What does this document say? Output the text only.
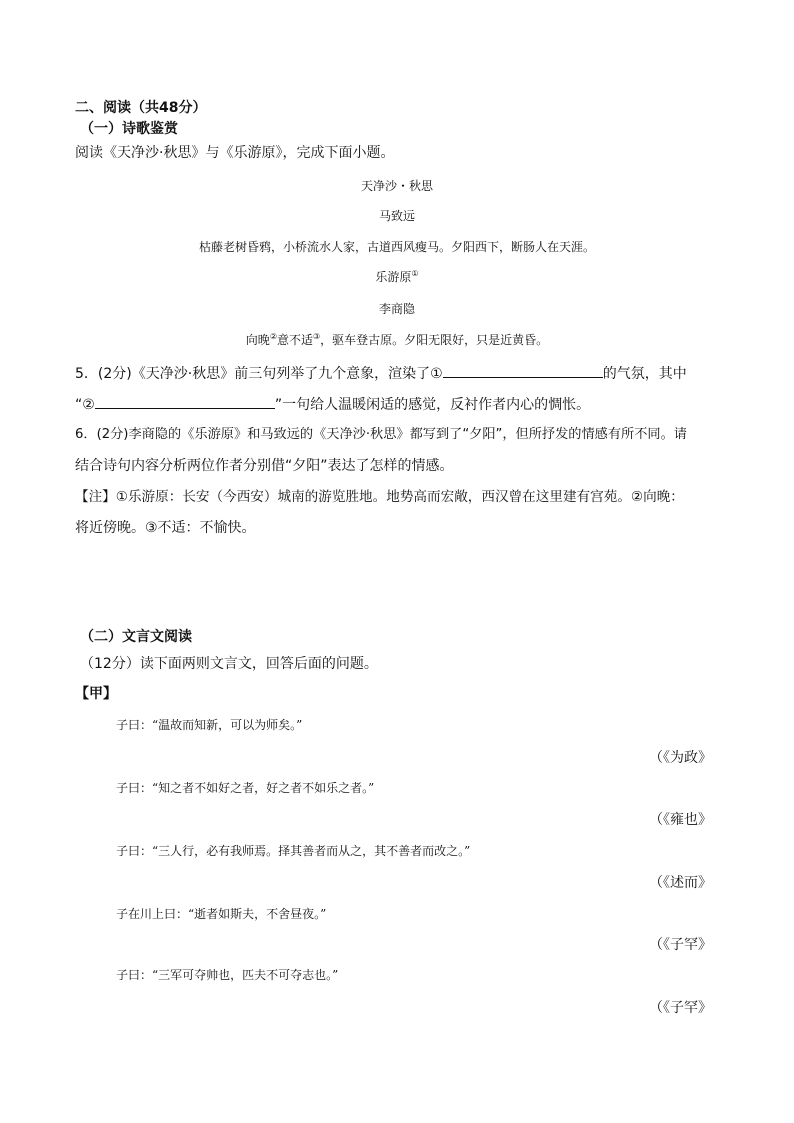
二、阅读（共48分）
（一）诗歌鉴赏
阅读《天净沙·秋思》与《乐游原》，完成下面小题。
天净沙・秋思
马致远
枯藤老树昏鸦，小桥流水人家，古道西风瘦马。夕阳西下，断肠人在天涯。
乐游原①
李商隐
向晚②意不适③，驱车登古原。夕阳无限好，只是近黄昏。
5．(2分)《天净沙·秋思》前三句列举了九个意象，渲染了①	的气氛，其中
“②	”一句给人温暖闲适的感觉，反衬作者内心的惆怅。
6．(2分)李商隐的《乐游原》和马致远的《天净沙·秋思》都写到了“夕阳”，但所抒发的情感有所不同。请
结合诗句内容分析两位作者分别借“夕阳”表达了怎样的情感。
【注】①乐游原：长安（今西安）城南的游览胜地。地势高而宏敞，西汉曾在这里建有宫苑。②向晚：
将近傍晚。③不适：不愉快。
（二）文言文阅读
（12分）读下面两则文言文，回答后面的问题。
【甲】
子曰：“温故而知新，可以为师矣。”
（《为政》
子曰：“知之者不如好之者，好之者不如乐之者。”
（《雍也》
子曰：“三人行，必有我师焉。择其善者而从之，其不善者而改之。”
（《述而》
子在川上曰：“逝者如斯夫，不舍昼夜。”
（《子罕》
子曰：“三军可夺帅也，匹夫不可夺志也。”
（《子罕》
